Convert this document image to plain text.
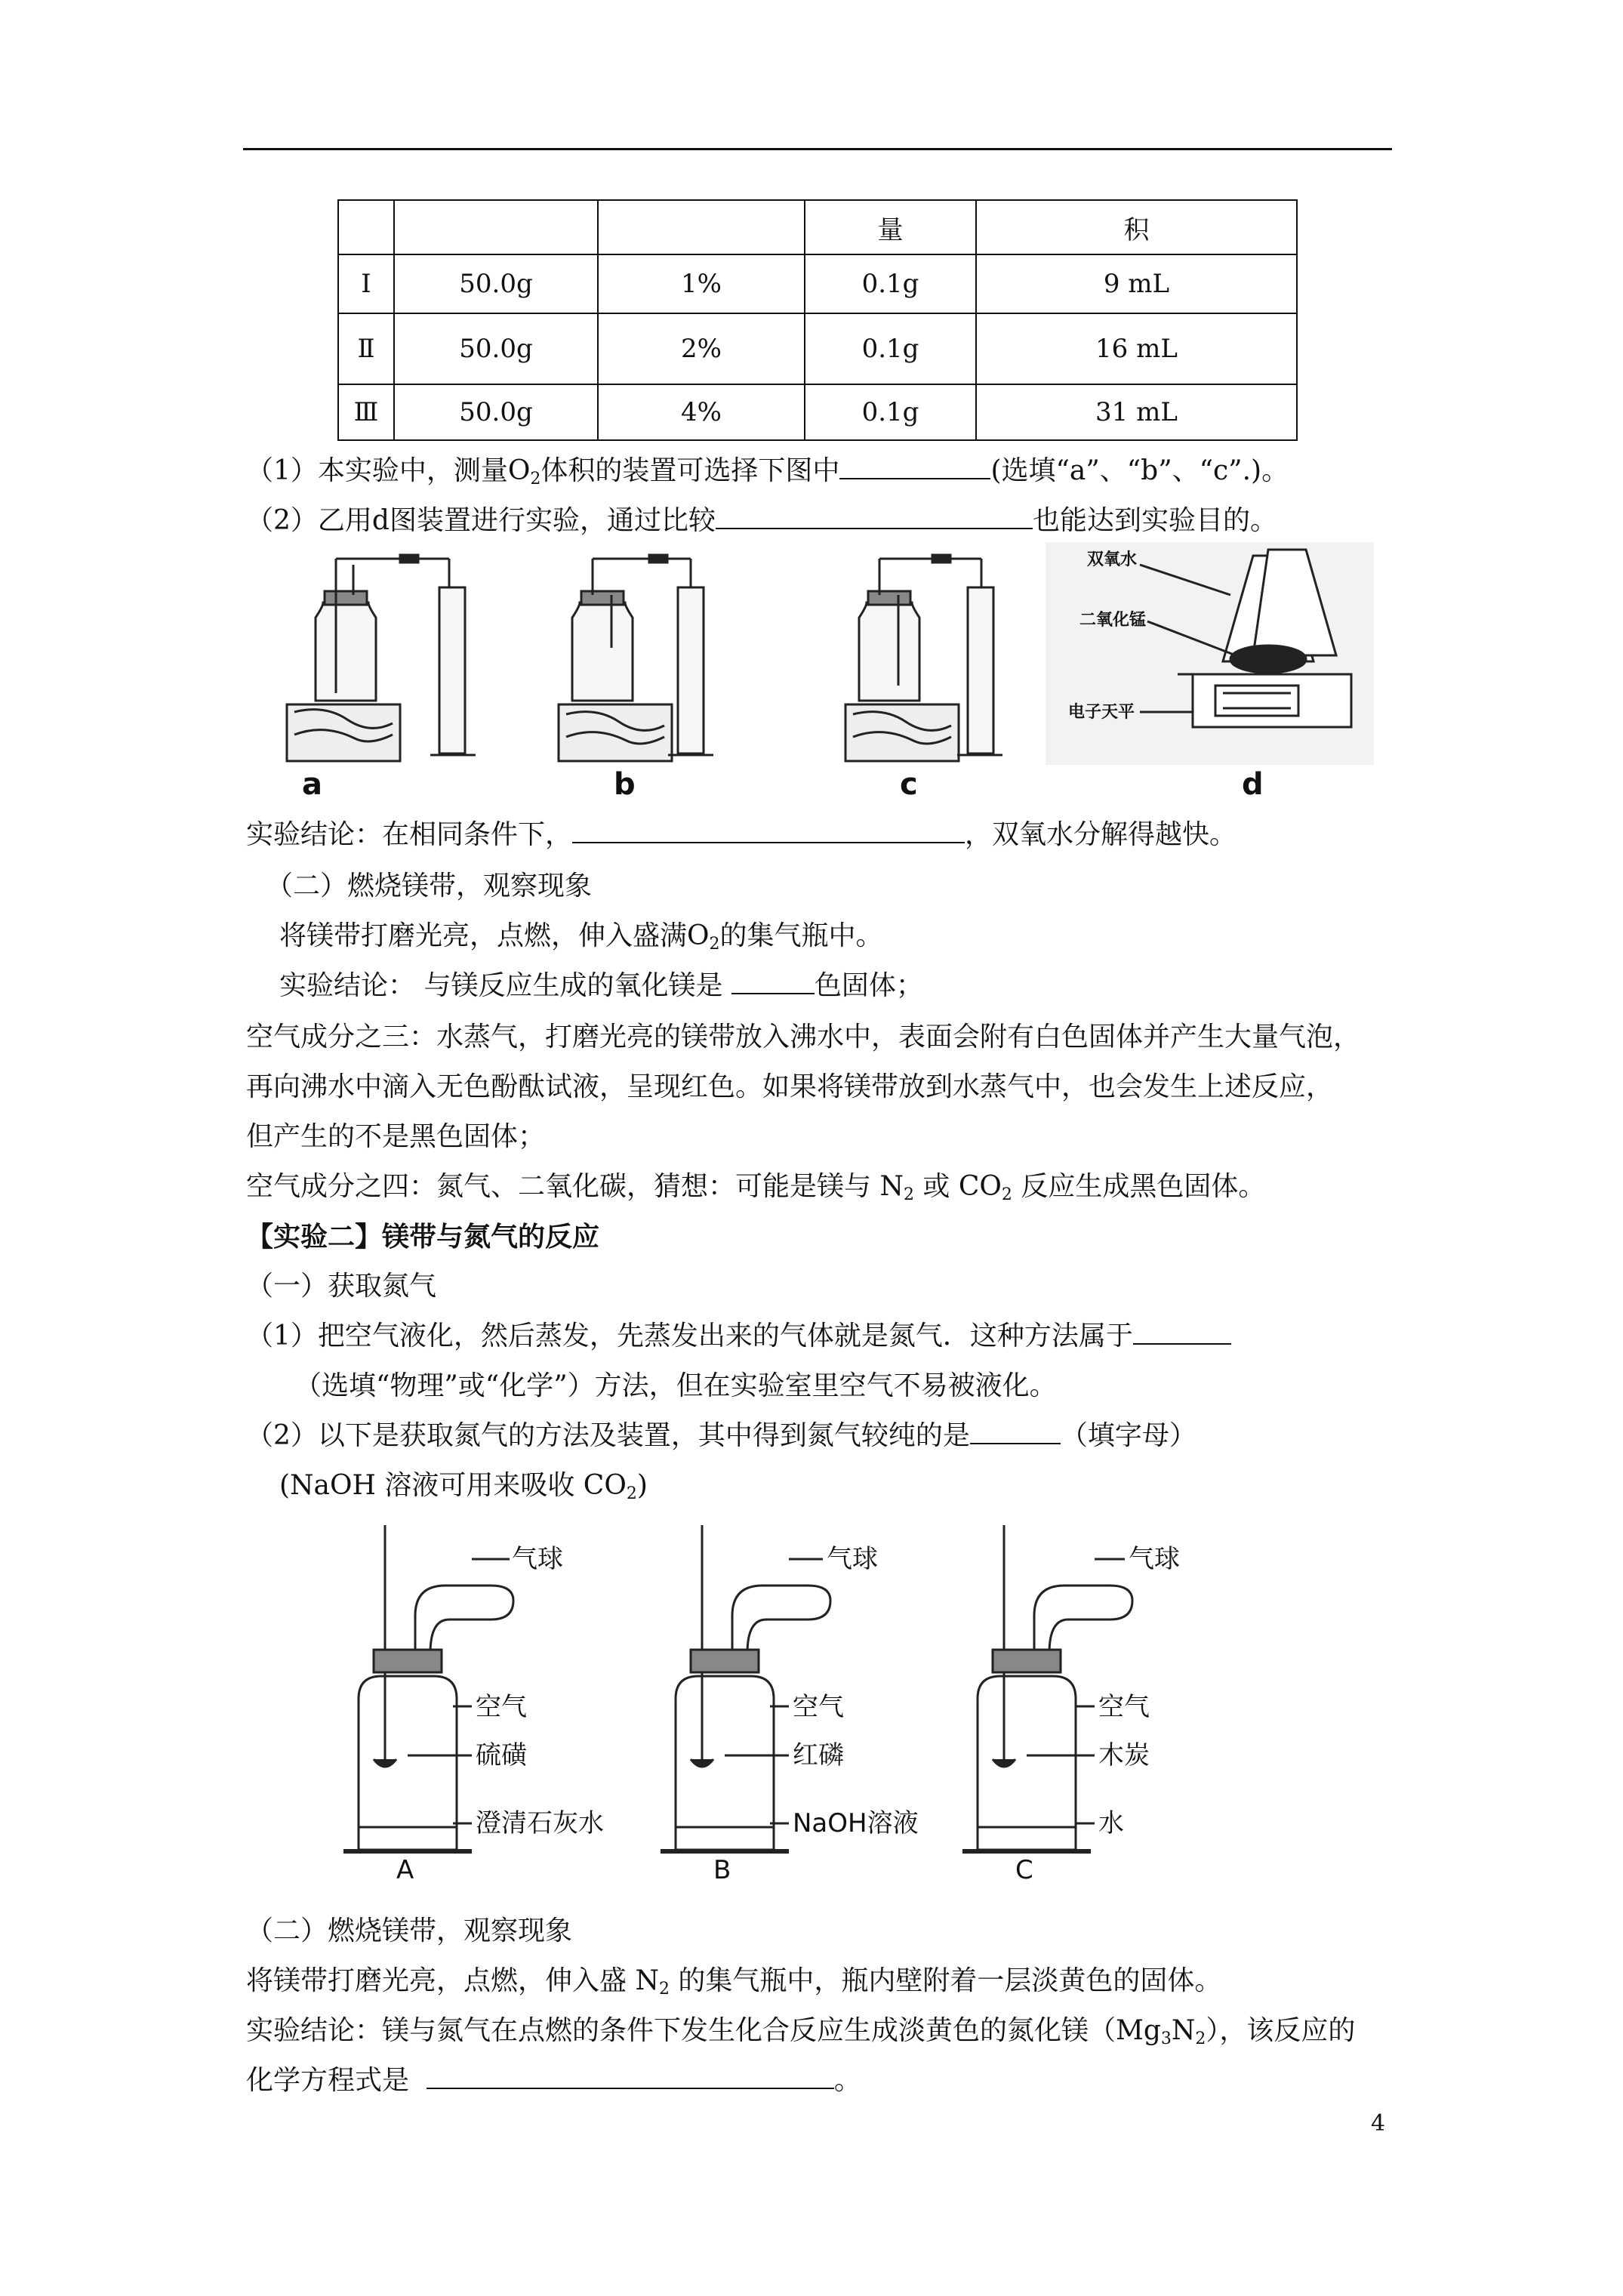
			量	积
Ⅰ	50.0g	1%	0.1g	9 mL
Ⅱ	50.0g	2%	0.1g	16 mL
Ⅲ	50.0g	4%	0.1g	31 mL
（1）本实验中，测量$O_2$体积的装置可选择下图中	(选填“a”、“b”、“c”.)。
（2）乙用d图装置进行实验，通过比较	也能达到实验目的。
双氧水
二氧化锰
电子天平
a	b	c	d
实验结论：在相同条件下，	，双氧水分解得越快。
（二）燃烧镁带，观察现象
将镁带打磨光亮，点燃，伸入盛满$O_2$的集气瓶中。
实验结论： 与镁反应生成的氧化镁是	色固体；
空气成分之三：水蒸气，打磨光亮的镁带放入沸水中，表面会附有白色固体并产生大量气泡，
再向沸水中滴入无色酚酞试液，呈现红色。如果将镁带放到水蒸气中，也会发生上述反应，
但产生的不是黑色固体；
空气成分之四：氮气、二氧化碳，猜想：可能是镁与 $N_2$ 或 $CO_2$ 反应生成黑色固体。
【实验二】镁带与氮气的反应
（一）获取氮气
（1）把空气液化，然后蒸发，先蒸发出来的气体就是氮气．这种方法属于
（选填“物理”或“化学”）方法，但在实验室里空气不易被液化。
（2）以下是获取氮气的方法及装置，其中得到氮气较纯的是	（填字母）
(NaOH 溶液可用来吸收 $CO_2$)
气球
空气
硫磺
澄清石灰水
A
气球
空气
红磷
NaOH溶液
B
气球
空气
木炭
水
C
（二）燃烧镁带，观察现象
将镁带打磨光亮，点燃，伸入盛 $N_2$ 的集气瓶中，瓶内壁附着一层淡黄色的固体。
实验结论：镁与氮气在点燃的条件下发生化合反应生成淡黄色的氮化镁$(Mg_3N_2)$，该反应的
化学方程式是	。
4
